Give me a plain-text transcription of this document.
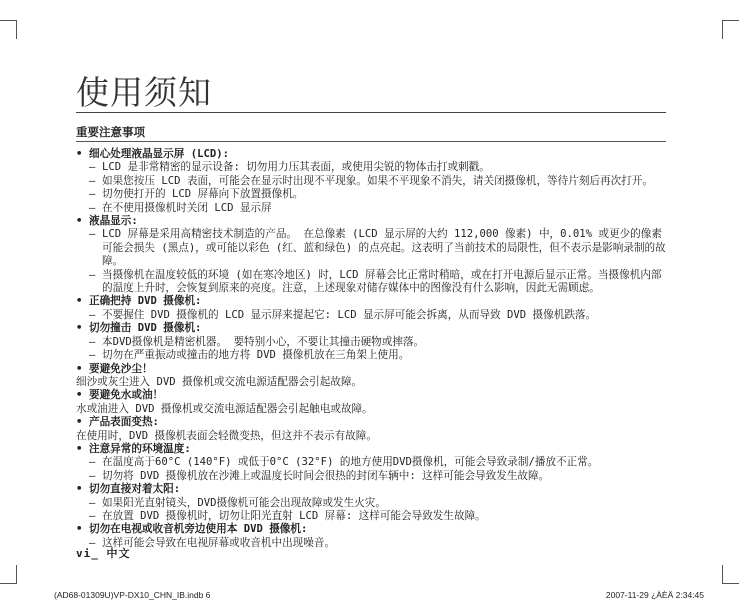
使用须知
重要注意事项
• 细心处理液晶显示屏 (LCD):
– LCD 是非常精密的显示设备: 切勿用力压其表面，或使用尖锐的物体击打或刺戳。
– 如果您按压 LCD 表面，可能会在显示时出现不平现象。如果不平现象不消失，请关闭摄像机，等待片刻后再次打开。
– 切勿使打开的 LCD 屏幕向下放置摄像机。
– 在不使用摄像机时关闭 LCD 显示屏
• 液晶显示:
– LCD 屏幕是采用高精密技术制造的产品。 在总像素 (LCD 显示屏的大约 112,000 像素) 中，0.01% 或更少的像素可能会损失 (黑点)，或可能以彩色 (红、蓝和绿色) 的点亮起。这表明了当前技术的局限性，但不表示是影响录制的故障。
– 当摄像机在温度较低的环境 (如在寒冷地区) 时，LCD 屏幕会比正常时稍暗，或在打开电源后显示正常。当摄像机内部的温度上升时，会恢复到原来的亮度。注意，上述现象对储存媒体中的图像没有什么影响，因此无需顾虑。
• 正确把持 DVD 摄像机:
– 不要握住 DVD 摄像机的 LCD 显示屏来提起它: LCD 显示屏可能会拆离，从而导致 DVD 摄像机跌落。
• 切勿撞击 DVD 摄像机:
– 本DVD摄像机是精密机器。 要特别小心，不要让其撞击硬物或摔落。
– 切勿在严重振动或撞击的地方将 DVD 摄像机放在三角架上使用。
• 要避免沙尘！
细沙或灰尘进入 DVD 摄像机或交流电源适配器会引起故障。
• 要避免水或油！
水或油进入 DVD 摄像机或交流电源适配器会引起触电或故障。
• 产品表面变热:
在使用时，DVD 摄像机表面会轻微变热，但这并不表示有故障。
• 注意异常的环境温度:
– 在温度高于60°C (140°F) 或低于0°C (32°F) 的地方使用DVD摄像机，可能会导致录制/播放不正常。
– 切勿将 DVD 摄像机放在沙滩上或温度长时间会很热的封闭车辆中: 这样可能会导致发生故障。
• 切勿直接对着太阳:
– 如果阳光直射镜头，DVD摄像机可能会出现故障或发生火灾。
– 在放置 DVD 摄像机时，切勿让阳光直射 LCD 屏幕: 这样可能会导致发生故障。
• 切勿在电视或收音机旁边使用本 DVD 摄像机:
– 这样可能会导致在电视屏幕或收音机中出现噪音。
vi_ 中文
(AD68-01309U)VP-DX10_CHN_IB.indb 6	2007-11-29 ¿ÀÈÄ 2:34:45
